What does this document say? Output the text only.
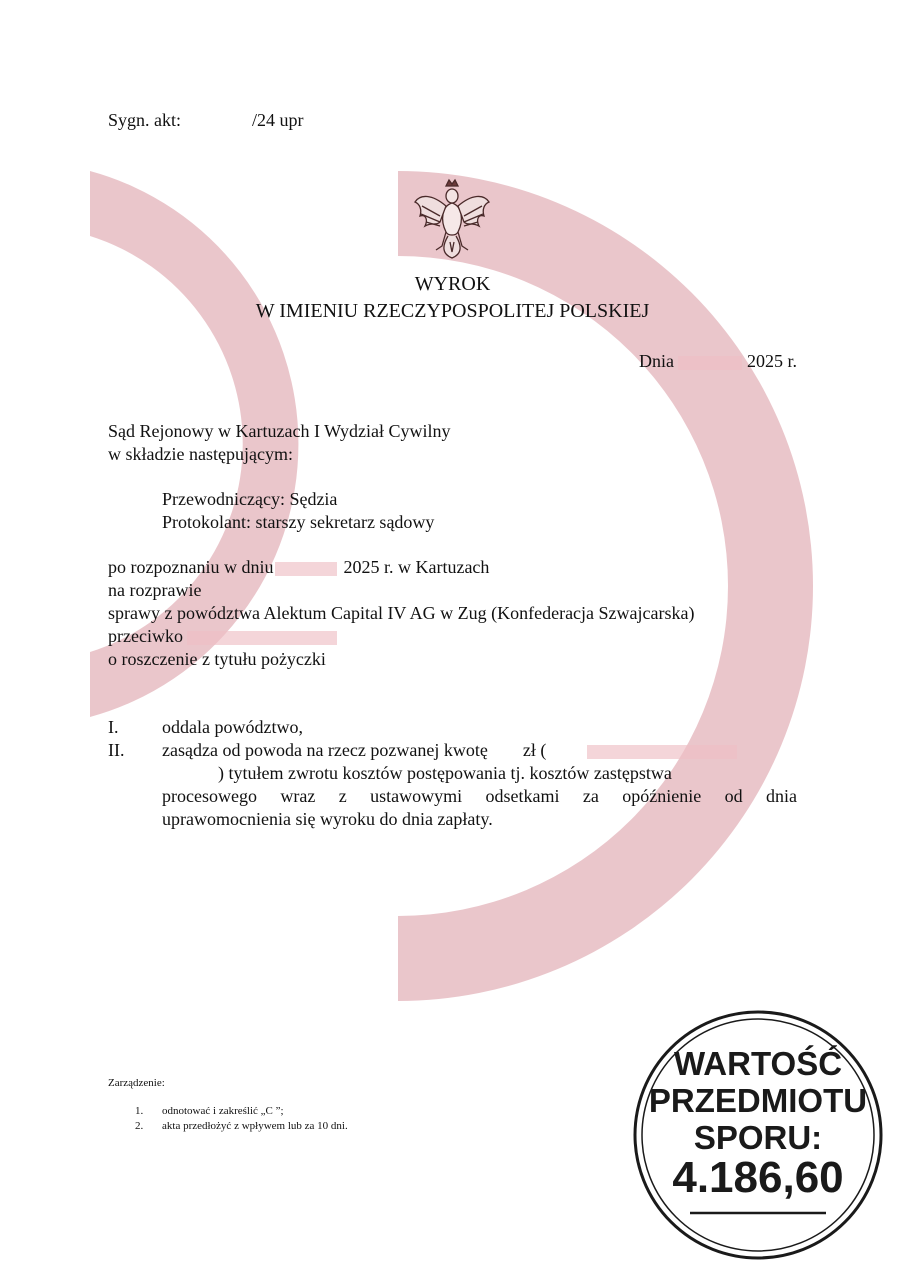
Sygn. akt:	/24 upr
WYROK
W IMIENIU RZECZYPOSPOLITEJ POLSKIEJ
Dnia	2025 r.
Sąd Rejonowy w Kartuzach I Wydział Cywilny
w składzie następującym:
Przewodniczący: Sędzia
Protokolant: starszy sekretarz sądowy
po rozpoznaniu w dniu	2025 r. w Kartuzach
na rozprawie
sprawy z powództwa Alektum Capital IV AG w Zug (Konfederacja Szwajcarska)
przeciwko
o roszczenie z tytułu pożyczki
I. oddala powództwo,
II. zasądza od powoda na rzecz pozwanej kwotę zł (
) tytułem zwrotu kosztów postępowania tj. kosztów zastępstwa
procesowego wraz z ustawowymi odsetkami za opóźnienie od dnia
uprawomocnienia się wyroku do dnia zapłaty.
Zarządzenie:
1. odnotować i zakreślić „C ”;
2. akta przedłożyć z wpływem lub za 10 dni.
WARTOŚĆ
PRZEDMIOTU
SPORU:
4.186,60
